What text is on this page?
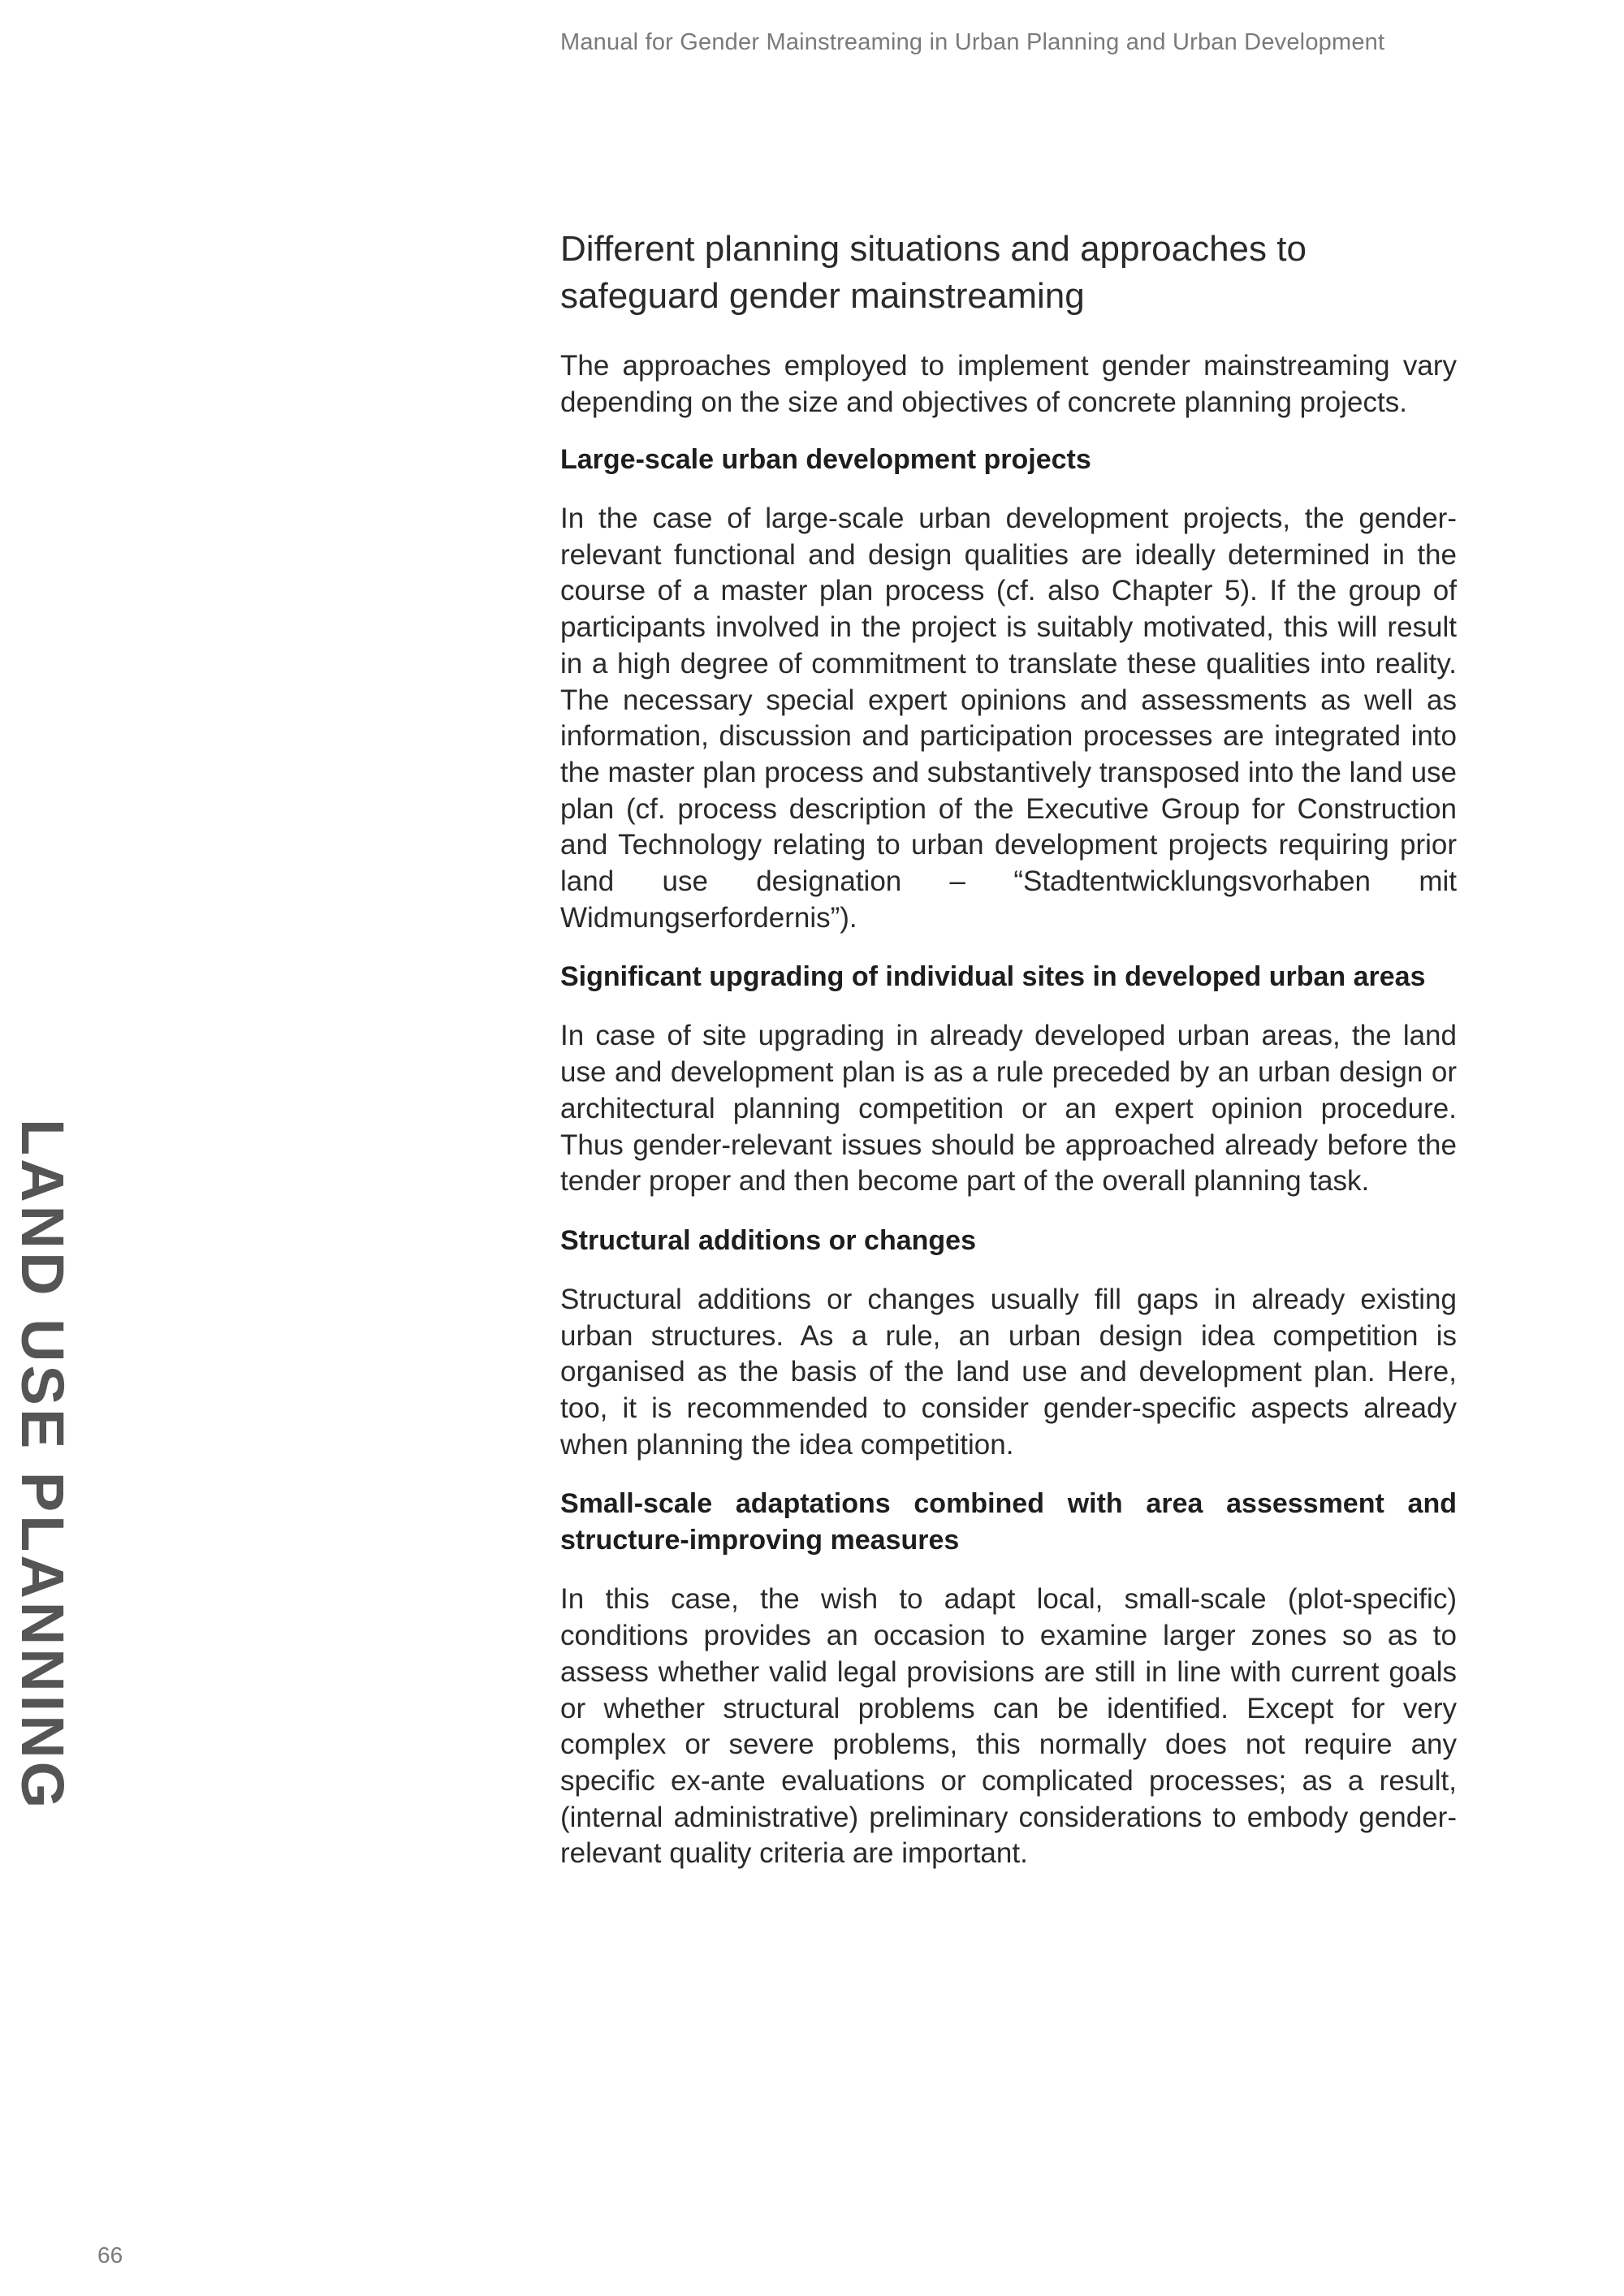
Manual for Gender Mainstreaming in Urban Planning and Urban Development
LAND USE PLANNING
Different planning situations and approaches to
safeguard gender mainstreaming

The approaches employed to implement gender mainstreaming vary depending on the size and objectives of concrete planning projects.

Large-scale urban development projects

In the case of large-scale urban development projects, the gender-relevant functional and design qualities are ideally determined in the course of a master plan process (cf. also Chapter 5). If the group of participants involved in the project is suitably motivated, this will result in a high degree of commitment to translate these qualities into reality. The necessary special expert opinions and assessments as well as information, discussion and participation processes are integrated into the master plan process and substantively transposed into the land use plan (cf. process description of the Executive Group for Construction and Technology relating to urban development projects requiring prior land use designation – “Stadtentwicklungsvorhaben mit Widmungserfordernis”).

Significant upgrading of individual sites in developed urban areas

In case of site upgrading in already developed urban areas, the land use and development plan is as a rule preceded by an urban design or architectural planning competition or an expert opinion procedure. Thus gender-relevant issues should be approached already before the tender proper and then become part of the overall planning task.

Structural additions or changes

Structural additions or changes usually fill gaps in already existing urban structures. As a rule, an urban design idea competition is organised as the basis of the land use and development plan. Here, too, it is recommended to consider gender-specific aspects already when planning the idea competition.

Small-scale adaptations combined with area assessment and structure-improving measures

In this case, the wish to adapt local, small-scale (plot-specific) conditions provides an occasion to examine larger zones so as to assess whether valid legal provisions are still in line with current goals or whether structural problems can be identified. Except for very complex or severe problems, this normally does not require any specific ex-ante evaluations or complicated processes; as a result, (internal administrative) preliminary considerations to embody gender-relevant quality criteria are important.

66
